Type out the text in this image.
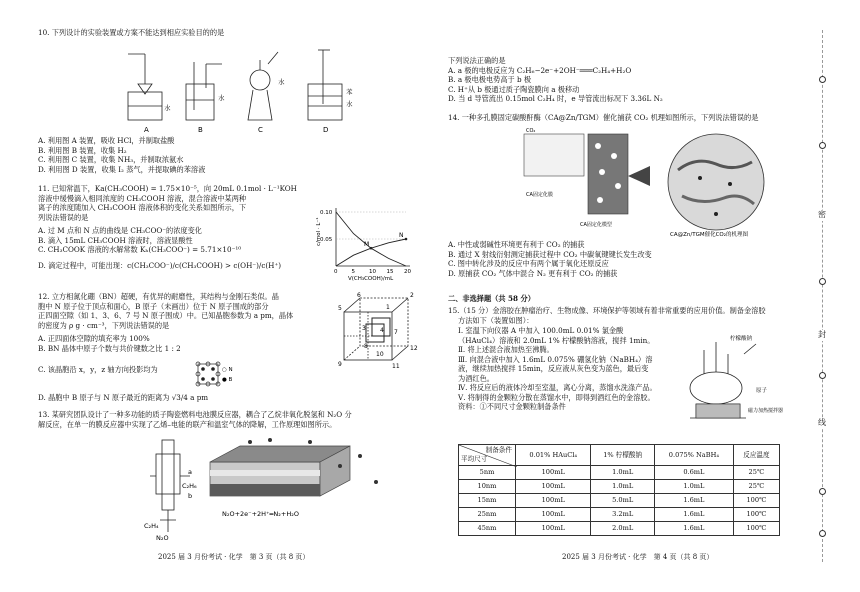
10. 下列设计的实验装置或方案不能达到相应实验目的的是
A	B	C	D
水
水
水
苯
水
A. 利用图 A 装置，吸收 HCl，并制取盐酸
B. 利用图 B 装置，收集 H₂
C. 利用图 C 装置，收集 NH₃，并制取浓氨水
D. 利用图 D 装置，收集 I₂ 蒸气，并提取碘的苯溶液
11. 已知常温下，Ka(CH₃COOH) = 1.75×10⁻⁵，向 20mL 0.1mol · L⁻¹KOH
溶液中缓慢滴入相同浓度的 CH₃COOH 溶液，混合溶液中某两种
离子的浓度随加入 CH₃COOH 溶液体积的变化关系如图所示，下
列说法错误的是
A. 过 M 点和 N 点的曲线是 CH₃COO⁻的浓度变化
B. 滴入 15mL CH₃COOH 溶液时，溶液显酸性
C. CH₃COOK 溶液的水解常数 Kₕ(CH₃COO⁻) = 5.71×10⁻¹⁰
D. 滴定过程中，可能出现：c(CH₃COO⁻)/c(CH₃COOH) > c(OH⁻)/c(H⁺)
0	5	10 15 20
0.10
0.05
V(CH₃COOH)/mL
c/mol · L⁻¹	M
N
12. 立方相氮化硼（BN）超硬，有优异的耐磨性，其结构与金刚石类似。晶
胞中 N 原子位于顶点和面心，B 原子（未画出）位于 N 原子围成的部分
正四面空隙（如 1、3、6、7 号 N 原子围成）中。已知晶胞参数为 a pm，晶体
的密度为 ρ g · cm⁻³，下列说法错误的是
A. 正四面体空隙的填充率为 100%
B. BN 晶体中原子个数与共价键数之比 1 : 2
C. 该晶胞沿 x，y，z 轴方向投影均为
D. 晶胞中 B 原子与 N 原子最近的距离为 √3/4 a pm
○ N
● B
5
6
1
2
3 4 7
8
9
10
11
12
13. 某研究团队设计了一种多功能的质子陶瓷燃料电池膜反应器，耦合了乙烷非氧化脱氢和 N₂O 分
解反应，在单一的膜反应器中实现了乙烯–电能的联产和温室气体的降解，工作原理如图所示。
a
b
C₂H₆
N₂O
C₂H₄
N₂O+2e⁻+2H⁺═N₂+H₂O
2025 届 3 月份考试 · 化学　第 3 页（共 8 页）
下列说法正确的是
A. a 极的电极反应为 C₂H₆−2e⁻+2OH⁻═══C₂H₄+H₂O
B. a 极电极电势高于 b 极
C. H⁺从 b 极通过质子陶瓷膜向 a 极移动
D. 当 d 导管流出 0.15mol C₂H₄ 时，e 导管流出标况下 3.36L N₂
14. 一种多孔膜固定碳酸酐酶（CA@Zn/TGM）催化捕获 CO₂ 机理如图所示，下列说法错误的是
CO₂
CA固定化模型
CA固定化膜
CA@Zn/TGM催化CO₂的机理图
A. 中性或弱碱性环境更有利于 CO₂ 的捕获
B. 通过 X 射线衍射测定捕获过程中 CO₂ 中碳氧键键长发生改变
C. 图中转化涉及的反应中有两个属于氧化还原反应
D. 原捕获 CO₂ 气体中混合 N₂ 更有利于 CO₂ 的捕获
二、非选择题（共 58 分）
15.（15 分）金溶胶在肿瘤治疗、生物成像、环境保护等领域有着非常重要的应用价值。制备金溶胶
方法如下（装置如图）：
Ⅰ. 室温下向仪器 A 中加入 100.0mL 0.01% 氯金酸
（HAuCl₄）溶液和 2.0mL 1% 柠檬酸钠溶液，搅拌 1min。
Ⅱ. 将上述混合液加热至沸腾。
Ⅲ. 向混合液中加入 1.6mL 0.075% 硼氢化钠（NaBH₄）溶
液，继续加热搅拌 15min，反应液从灰色变为蓝色，最后变
为酒红色。
Ⅳ. 将反应后的液体冷却至室温，离心分离，蒸馏水洗涤产品。
Ⅴ. 将制得的金颗粒分散在蒸馏水中，即得到酒红色的金溶胶。
资料：①不同尺寸金颗粒制备条件
柠檬酸钠
原子
磁力加热搅拌器
制备条件
平均尺寸	0.01% HAuCl₄	1% 柠檬酸钠	0.075% NaBH₄	反应温度
5nm	100mL	1.0mL	0.6mL	25℃
10nm	100mL	1.0mL	1.0mL	25℃
15nm	100mL	5.0mL	1.6mL	100℃
25nm	100mL	3.2mL	1.6mL	100℃
45nm	100mL	2.0mL	1.6mL	100℃
2025 届 3 月份考试 · 化学　第 4 页（共 8 页）
密
封
线
